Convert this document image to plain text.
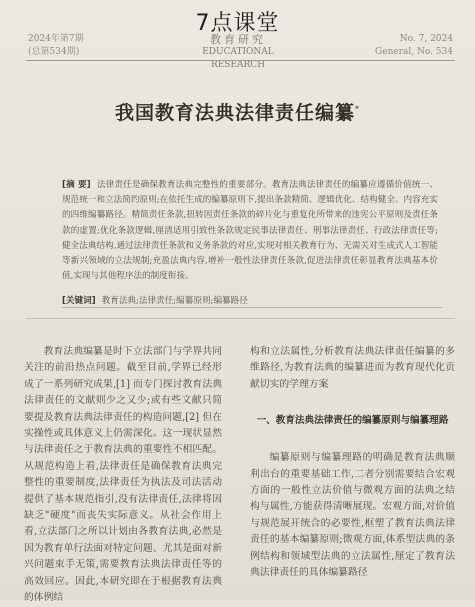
7点课堂
2024年第7期
(总第534期)
教育研究
EDUCATIONAL RESEARCH
No. 7, 2024
General, No. 534
我国教育法典法律责任编纂*
[摘 要] 法律责任是确保教育法典完整性的重要部分。教育法典法律责任的编纂应遵循价值统一、规范统一和立法简约原则;在依托生成的编纂原则下,提出条款精简、逻辑优化、结构健全、内容充实的四维编纂路径。精简责任条款,扭转因责任条款的碎片化与重复化所带来的违宪公平原则及责任条款的虚置;优化条款逻辑,厘清适用引致性条款规定民事法律责任、刑事法律责任、行政法律责任等;健全法典结构,通过法律责任条款和义务条款的对应,实现对相关教育行为、无需关对生成式人工智能等新兴领域的立法规制;充盈法典内容,增补一般性法律责任条款,促进法律责任彰显教育法典基本价值,实现与其他程序法的制度衔接。
[关键词] 教育法典;法律责任;编纂原则;编纂路径

教育法典编纂是时下立法部门与学界共同关注的前沿热点问题。截至目前,学界已经形成了一系列研究成果,[1] 而专门探讨教育法典法律责任的文献则少之又少;或有些文献只简要提及教育法典法律责任的构造问题,[2] 但在实操性或具体意义上仍需深化。这一现状显然与法律责任之于教育法典的重要性不相匹配。从规范构造上看,法律责任是确保教育法典完整性的重要制度,法律责任为执法及司法活动提供了基本规范指引,没有法律责任,法律将因缺乏"硬度"而丧失实际意义。从社会作用上看,立法部门之所以计划由各教育法典,必然是因为教育单行法面对特定问题、尤其是面对新兴问题束手无策,需要教育法典法律责任等的高效回应。因此,本研究即在于根据教育法典的体例结

构和立法属性,分析教育法典法律责任编纂的多维路径,为教育法典的编纂进而为教育现代化贡献切实的学理方案

一、教育法典法律责任的编纂原则与编纂理路

编纂原则与编纂理路的明确是教育法典顺利出台的重要基础工作,二者分别需要结合宏观方面的一般性立法价值与微观方面的法典之结构与属性,方能获得清晰展现。宏观方面,对价值与规范展开统合的必要性,框塑了教育法典法律责任的基本编纂原则;微观方面,体系型法典的条例结构和领域型法典的立法属性,厘定了教育法典法律责任的具体编纂路径
